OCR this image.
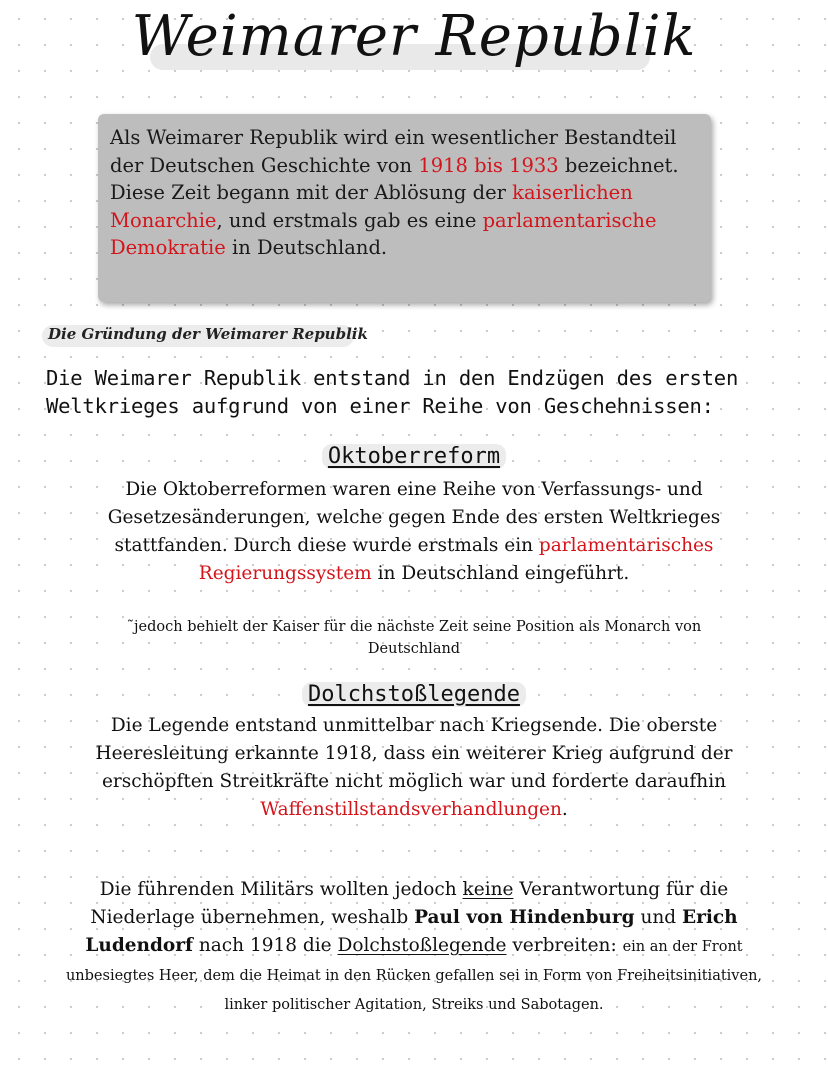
Weimarer Republik
Als Weimarer Republik wird ein wesentlicher Bestandteil der Deutschen Geschichte von 1918 bis 1933 bezeichnet. Diese Zeit begann mit der Ablösung der kaiserlichen Monarchie, und erstmals gab es eine parlamentarische Demokratie in Deutschland.
Die Gründung der Weimarer Republik

Die Weimarer Republik entstand in den Endzügen des ersten Weltkrieges aufgrund von einer Reihe von Geschehnissen:

Oktoberreform

Die Oktoberreformen waren eine Reihe von Verfassungs- und Gesetzesänderungen, welche gegen Ende des ersten Weltkrieges stattfanden. Durch diese wurde erstmals ein parlamentarisches Regierungssystem in Deutschland eingeführt.

˜jedoch behielt der Kaiser für die nächste Zeit seine Position als Monarch von Deutschland

Dolchstoßlegende

Die Legende entstand unmittelbar nach Kriegsende. Die oberste Heeresleitung erkannte 1918, dass ein weiterer Krieg aufgrund der erschöpften Streitkräfte nicht möglich war und forderte daraufhin Waffenstillstandsverhandlungen.

Die führenden Militärs wollten jedoch keine Verantwortung für die Niederlage übernehmen, weshalb Paul von Hindenburg und Erich Ludendorf nach 1918 die Dolchstoßlegende verbreiten: ein an der Front unbesiegtes Heer, dem die Heimat in den Rücken gefallen sei in Form von Freiheitsinitiativen, linker politischer Agitation, Streiks und Sabotagen.
